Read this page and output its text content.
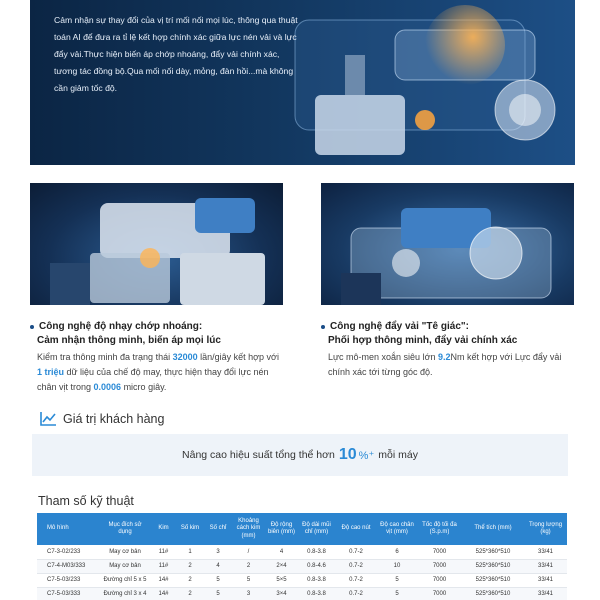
Cảm nhận sự thay đổi của vị trí mối nối mọi lúc, thông qua thuật
toán AI để đưa ra tỉ lệ kết hợp chính xác giữa lực nén vải và lực
đẩy vải.Thực hiện biến áp chớp nhoáng, đẩy vải chính xác,
tương tác đồng bộ.Qua mối nối dày, mỏng, đàn hồi...mà không
cần giảm tốc độ.
Công nghệ độ nhạy chớp nhoáng:
Cảm nhận thông minh, biến áp mọi lúc
Kiểm tra thông minh đa trạng thái 32000 lần/giây kết hợp với 1 triệu dữ liệu của chế độ may, thực hiện thay đổi lực nén chân vịt trong 0.0006 micro giây.
Công nghệ đẩy vải "Tê giác":
Phối hợp thông minh, đẩy vải chính xác
Lực mô-men xoắn siêu lớn 9.2Nm kết hợp với Lực đẩy vải chính xác tới từng góc độ.
Giá trị khách hàng
Nâng cao hiệu suất tổng thể hơn 10 %⁺ mỗi máy
Tham số kỹ thuật
Mô hình	Mục đích sử dụng	Kim	Số kim	Số chỉ	Khoảng cách kim (mm)	Độ rộng biên (mm)	Độ dài mũi chỉ (mm)	Độ cao nút	Độ cao chân vịt (mm)	Tốc độ tối đa (S.p.m)	Thể tích (mm)	Trọng lượng (kg)
C7-3-02/233	May cơ bản	11#	1	3	/	4	0.8-3.8	0.7-2	6	7000	525*360*510	33/41
C7-4-M03/333	May cơ bản	11#	2	4	2	2×4	0.8-4.6	0.7-2	10	7000	525*360*510	33/41
C7-5-03/233	Đường chỉ 5 x 5	14#	2	5	5	5×5	0.8-3.8	0.7-2	5	7000	525*360*510	33/41
C7-5-03/333	Đường chỉ 3 x 4	14#	2	5	3	3×4	0.8-3.8	0.7-2	5	7000	525*360*510	33/41
